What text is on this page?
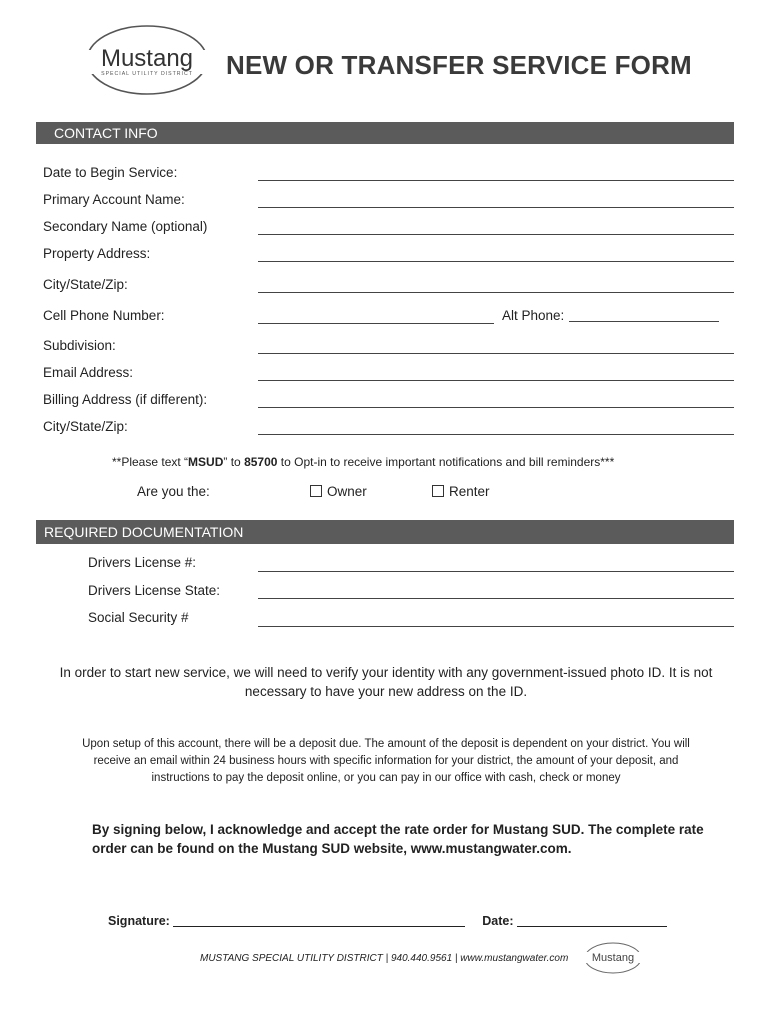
Mustang
SPECIAL UTILITY DISTRICT NEW OR TRANSFER SERVICE FORM
CONTACT INFO
Date to Begin Service:
Primary Account Name:
Secondary Name (optional)
Property Address:
City/State/Zip:
Cell Phone Number:	Alt Phone:
Subdivision:
Email Address:
Billing Address (if different):
City/State/Zip:
**Please text “MSUD” to 85700 to Opt-in to receive important notifications and bill reminders***
Are you the:	Owner	Renter
REQUIRED DOCUMENTATION
Drivers License #:
Drivers License State:
Social Security #
In order to start new service, we will need to verify your identity with any government-issued photo ID. It is not
necessary to have your new address on the ID.
Upon setup of this account, there will be a deposit due. The amount of the deposit is dependent on your district. You will
receive an email within 24 business hours with specific information for your district, the amount of your deposit, and
instructions to pay the deposit online, or you can pay in our office with cash, check or money
By signing below, I acknowledge and accept the rate order for Mustang SUD. The complete rate
order can be found on the Mustang SUD website, www.mustangwater.com.
Signature:	Date:
MUSTANG SPECIAL UTILITY DISTRICT | 940.440.9561 | www.mustangwater.com Mustang
